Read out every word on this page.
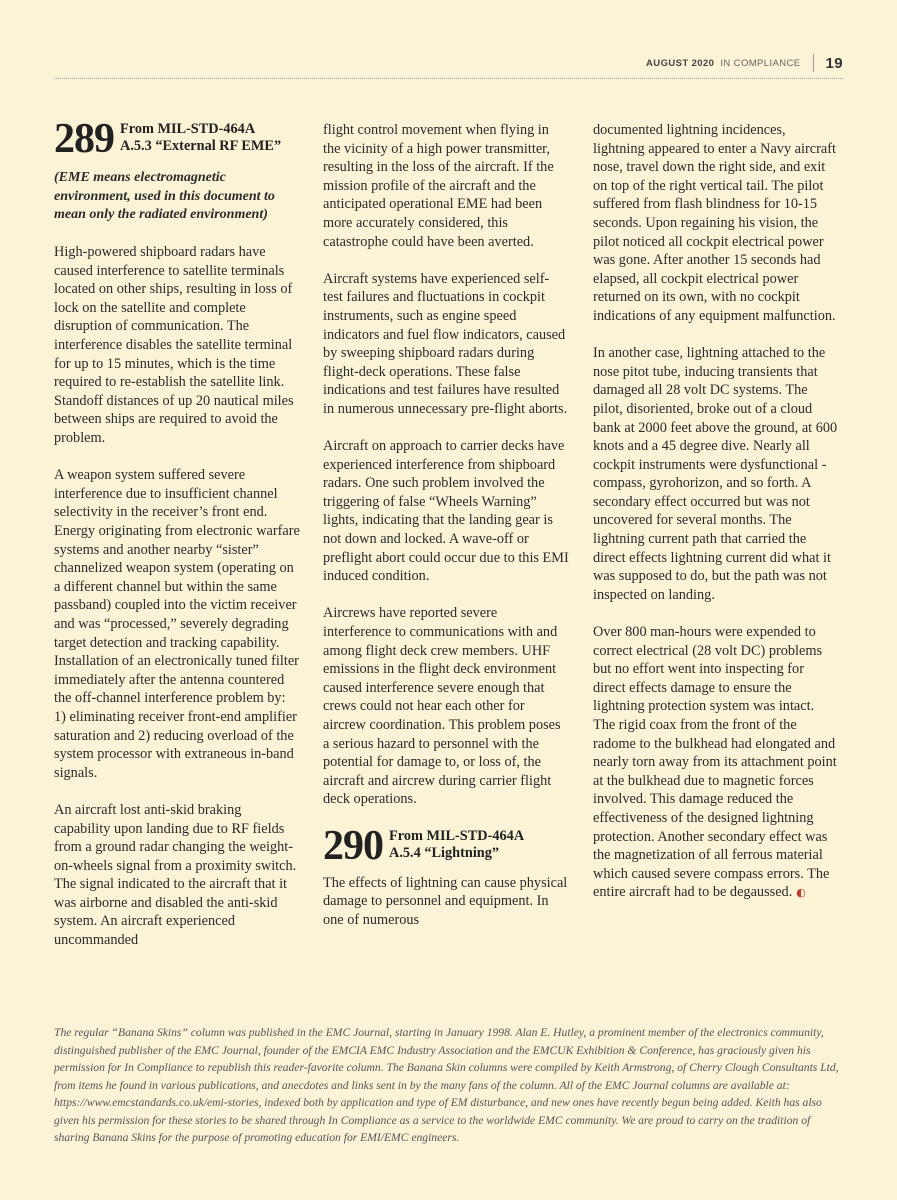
AUGUST 2020 IN COMPLIANCE 19
289 From MIL-STD-464A
A.5.3 “External RF EME”

(EME means electromagnetic environment, used in this document to mean only the radiated environment)

High-powered shipboard radars have caused interference to satellite terminals located on other ships, resulting in loss of lock on the satellite and complete disruption of communication. The interference disables the satellite terminal for up to 15 minutes, which is the time required to re-establish the satellite link. Standoff distances of up 20 nautical miles between ships are required to avoid the problem.

A weapon system suffered severe interference due to insufficient channel selectivity in the receiver’s front end. Energy originating from electronic warfare systems and another nearby “sister” channelized weapon system (operating on a different channel but within the same passband) coupled into the victim receiver and was “processed,” severely degrading target detection and tracking capability. Installation of an electronically tuned filter immediately after the antenna countered the off-channel interference problem by: 1) eliminating receiver front-end amplifier saturation and 2) reducing overload of the system processor with extraneous in-band signals.

An aircraft lost anti-skid braking capability upon landing due to RF fields from a ground radar changing the weight-on-wheels signal from a proximity switch. The signal indicated to the aircraft that it was airborne and disabled the anti-skid system. An aircraft experienced uncommanded

flight control movement when flying in the vicinity of a high power transmitter, resulting in the loss of the aircraft. If the mission profile of the aircraft and the anticipated operational EME had been more accurately considered, this catastrophe could have been averted.

Aircraft systems have experienced self-test failures and fluctuations in cockpit instruments, such as engine speed indicators and fuel flow indicators, caused by sweeping shipboard radars during flight-deck operations. These false indications and test failures have resulted in numerous unnecessary pre-flight aborts.

Aircraft on approach to carrier decks have experienced interference from shipboard radars. One such problem involved the triggering of false “Wheels Warning” lights, indicating that the landing gear is not down and locked. A wave-off or preflight abort could occur due to this EMI induced condition.

Aircrews have reported severe interference to communications with and among flight deck crew members. UHF emissions in the flight deck environment caused interference severe enough that crews could not hear each other for aircrew coordination. This problem poses a serious hazard to personnel with the potential for damage to, or loss of, the aircraft and aircrew during carrier flight deck operations.

290 From MIL-STD-464A
A.5.4 “Lightning”

The effects of lightning can cause physical damage to personnel and equipment. In one of numerous

documented lightning incidences, lightning appeared to enter a Navy aircraft nose, travel down the right side, and exit on top of the right vertical tail. The pilot suffered from flash blindness for 10-15 seconds. Upon regaining his vision, the pilot noticed all cockpit electrical power was gone. After another 15 seconds had elapsed, all cockpit electrical power returned on its own, with no cockpit indications of any equipment malfunction.

In another case, lightning attached to the nose pitot tube, inducing transients that damaged all 28 volt DC systems. The pilot, disoriented, broke out of a cloud bank at 2000 feet above the ground, at 600 knots and a 45 degree dive. Nearly all cockpit instruments were dysfunctional - compass, gyrohorizon, and so forth. A secondary effect occurred but was not uncovered for several months. The lightning current path that carried the direct effects lightning current did what it was supposed to do, but the path was not inspected on landing.

Over 800 man-hours were expended to correct electrical (28 volt DC) problems but no effort went into inspecting for direct effects damage to ensure the lightning protection system was intact. The rigid coax from the front of the radome to the bulkhead had elongated and nearly torn away from its attachment point at the bulkhead due to magnetic forces involved. This damage reduced the effectiveness of the designed lightning protection. Another secondary effect was the magnetization of all ferrous material which caused severe compass errors. The entire aircraft had to be degaussed. ◐

The regular “Banana Skins” column was published in the EMC Journal, starting in January 1998. Alan E. Hutley, a prominent member of the electronics community, distinguished publisher of the EMC Journal, founder of the EMCIA EMC Industry Association and the EMCUK Exhibition & Conference, has graciously given his permission for In Compliance to republish this reader-favorite column. The Banana Skin columns were compiled by Keith Armstrong, of Cherry Clough Consultants Ltd, from items he found in various publications, and anecdotes and links sent in by the many fans of the column. All of the EMC Journal columns are available at: https://www.emcstandards.co.uk/emi-stories, indexed both by application and type of EM disturbance, and new ones have recently begun being added. Keith has also given his permission for these stories to be shared through In Compliance as a service to the worldwide EMC community. We are proud to carry on the tradition of sharing Banana Skins for the purpose of promoting education for EMI/EMC engineers.
